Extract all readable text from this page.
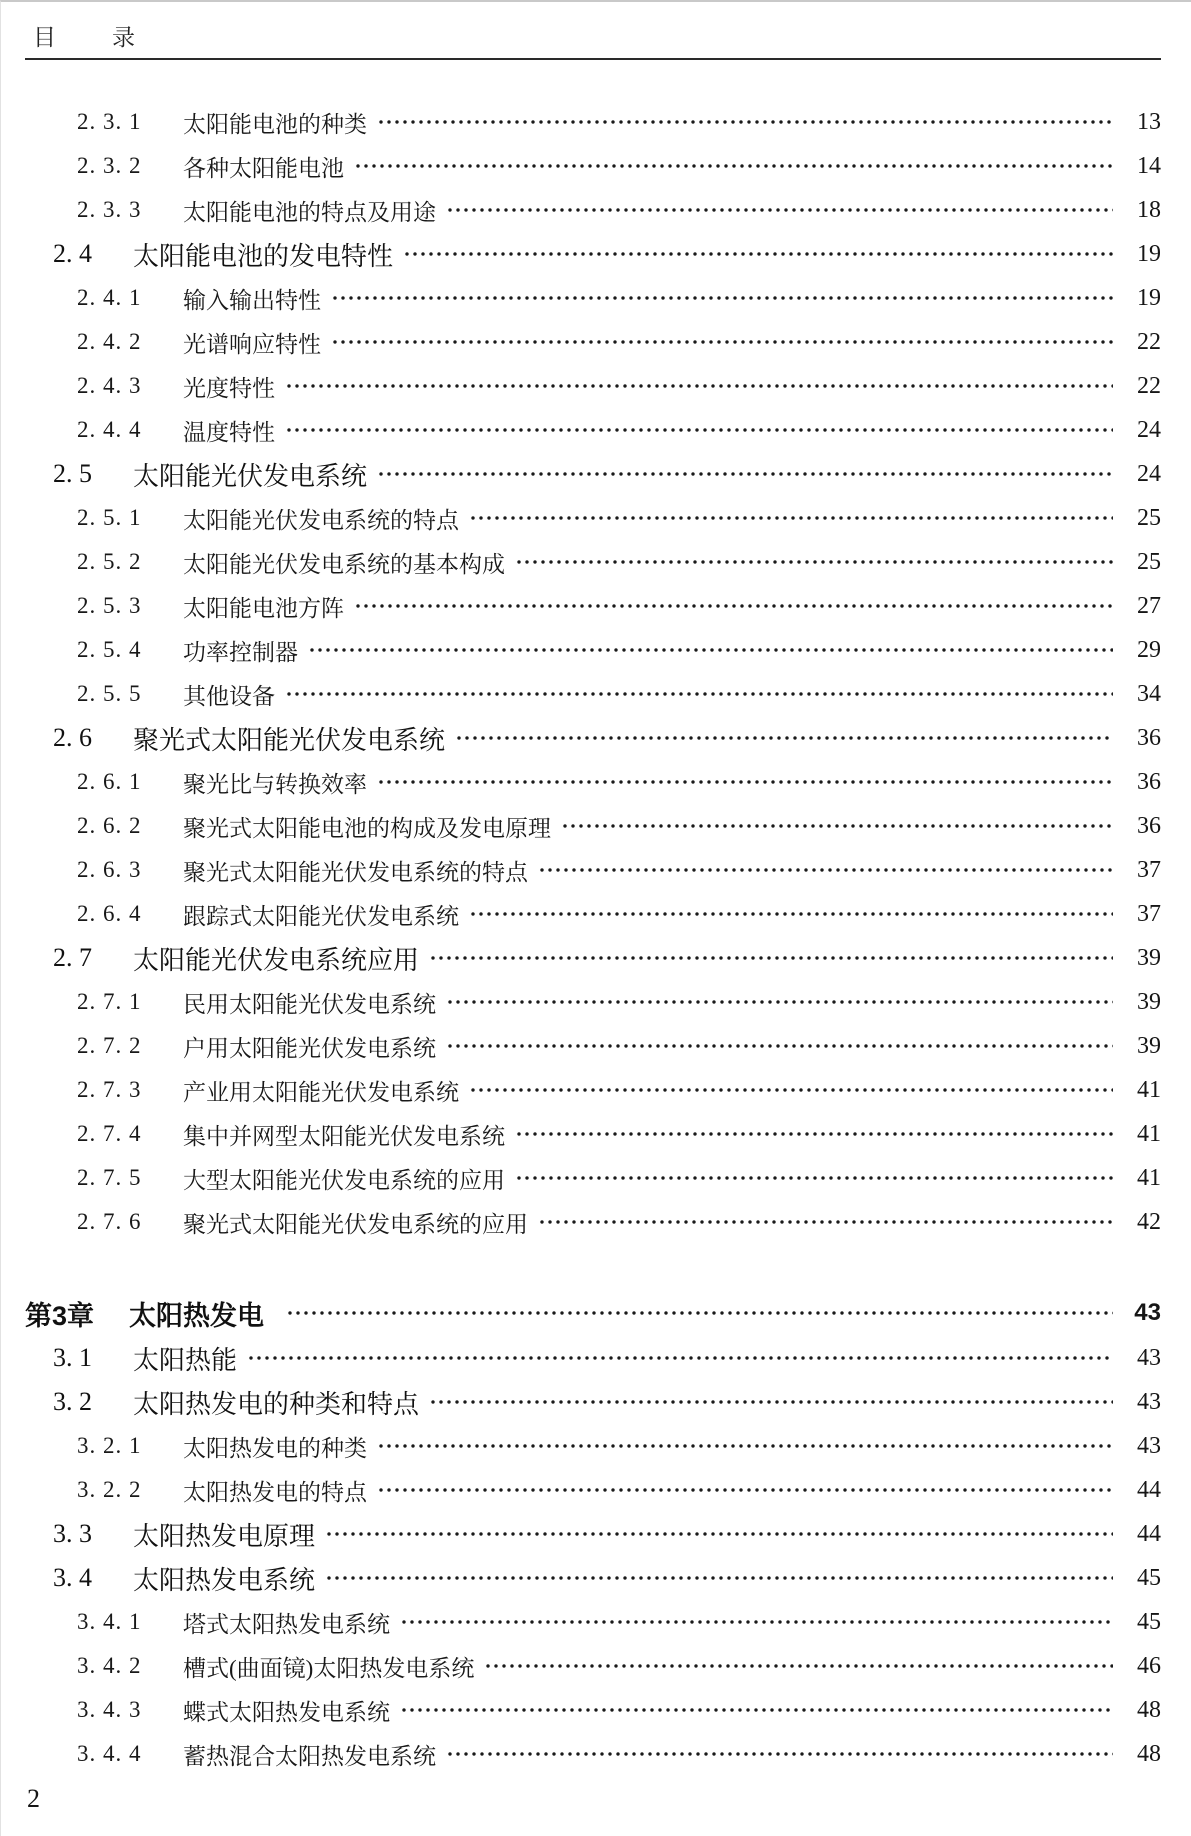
目 录
2. 3. 1	太阳能电池的种类	13
2. 3. 2	各种太阳能电池	14
2. 3. 3	太阳能电池的特点及用途	18
2. 4	太阳能电池的发电特性	19
2. 4. 1	输入输出特性	19
2. 4. 2	光谱响应特性	22
2. 4. 3	光度特性	22
2. 4. 4	温度特性	24
2. 5	太阳能光伏发电系统	24
2. 5. 1	太阳能光伏发电系统的特点	25
2. 5. 2	太阳能光伏发电系统的基本构成	25
2. 5. 3	太阳能电池方阵	27
2. 5. 4	功率控制器	29
2. 5. 5	其他设备	34
2. 6	聚光式太阳能光伏发电系统	36
2. 6. 1	聚光比与转换效率	36
2. 6. 2	聚光式太阳能电池的构成及发电原理	36
2. 6. 3	聚光式太阳能光伏发电系统的特点	37
2. 6. 4	跟踪式太阳能光伏发电系统	37
2. 7	太阳能光伏发电系统应用	39
2. 7. 1	民用太阳能光伏发电系统	39
2. 7. 2	户用太阳能光伏发电系统	39
2. 7. 3	产业用太阳能光伏发电系统	41
2. 7. 4	集中并网型太阳能光伏发电系统	41
2. 7. 5	大型太阳能光伏发电系统的应用	41
2. 7. 6	聚光式太阳能光伏发电系统的应用	42
第3章	太阳热发电	43
3. 1	太阳热能	43
3. 2	太阳热发电的种类和特点	43
3. 2. 1	太阳热发电的种类	43
3. 2. 2	太阳热发电的特点	44
3. 3	太阳热发电原理	44
3. 4	太阳热发电系统	45
3. 4. 1	塔式太阳热发电系统	45
3. 4. 2	槽式(曲面镜)太阳热发电系统	46
3. 4. 3	蝶式太阳热发电系统	48
3. 4. 4	蓄热混合太阳热发电系统	48
2
